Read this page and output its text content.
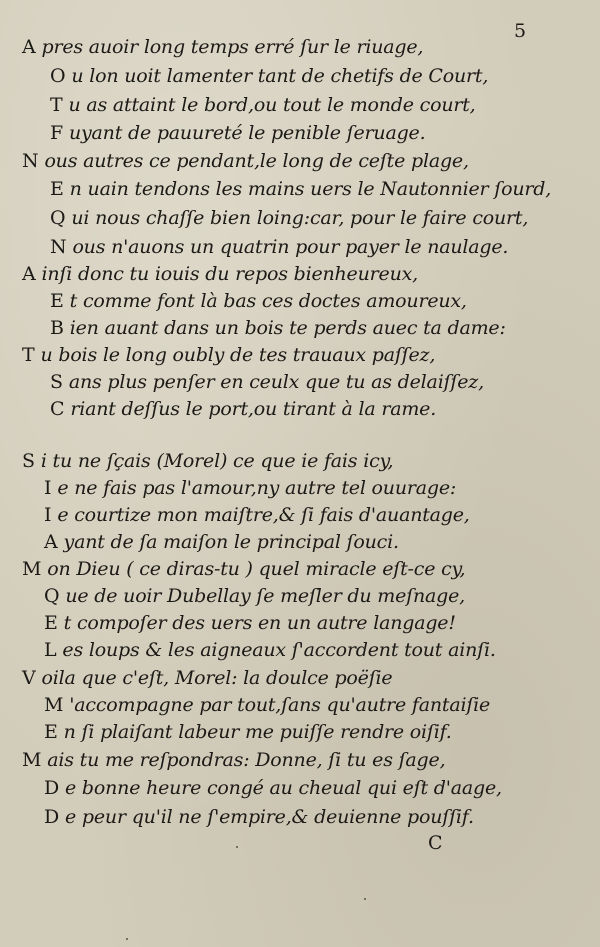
5
A pres auoir long temps erré ſur le riuage,
O u lon uoit lamenter tant de chetifs de Court,
T u as attaint le bord,ou tout le monde court,
F uyant de pauureté le penible ſeruage.
N ous autres ce pendant,le long de ceſte plage,
E n uain tendons les mains uers le Nautonnier ſourd,
Q ui nous chaſſe bien loing:car, pour le faire court,
N ous n'auons un quatrin pour payer le naulage.
A inſi donc tu iouis du repos bienheureux,
E t comme font là bas ces doctes amoureux,
B ien auant dans un bois te perds auec ta dame:
T u bois le long oubly de tes trauaux paſſez,
S ans plus penſer en ceulx que tu as delaiſſez,
C riant deſſus le port,ou tirant à la rame.
S i tu ne ſçais (Morel) ce que ie fais icy,
I e ne fais pas l'amour,ny autre tel ouurage:
I e courtize mon maiſtre,& ſi fais d'auantage,
A yant de ſa maiſon le principal ſouci.
M on Dieu ( ce diras-tu ) quel miracle eſt-ce cy,
Q ue de uoir Dubellay ſe meſler du meſnage,
E t compoſer des uers en un autre langage!
L es loups & les aigneaux ſ'accordent tout ainſi.
V oila que c'eſt, Morel: la doulce poëſie
M 'accompagne par tout,ſans qu'autre fantaiſie
E n ſi plaiſant labeur me puiſſe rendre oiſif.
M ais tu me reſpondras: Donne, ſi tu es ſage,
D e bonne heure congé au cheual qui eſt d'aage,
D e peur qu'il ne ſ'empire,& deuienne pouſſif.
C
